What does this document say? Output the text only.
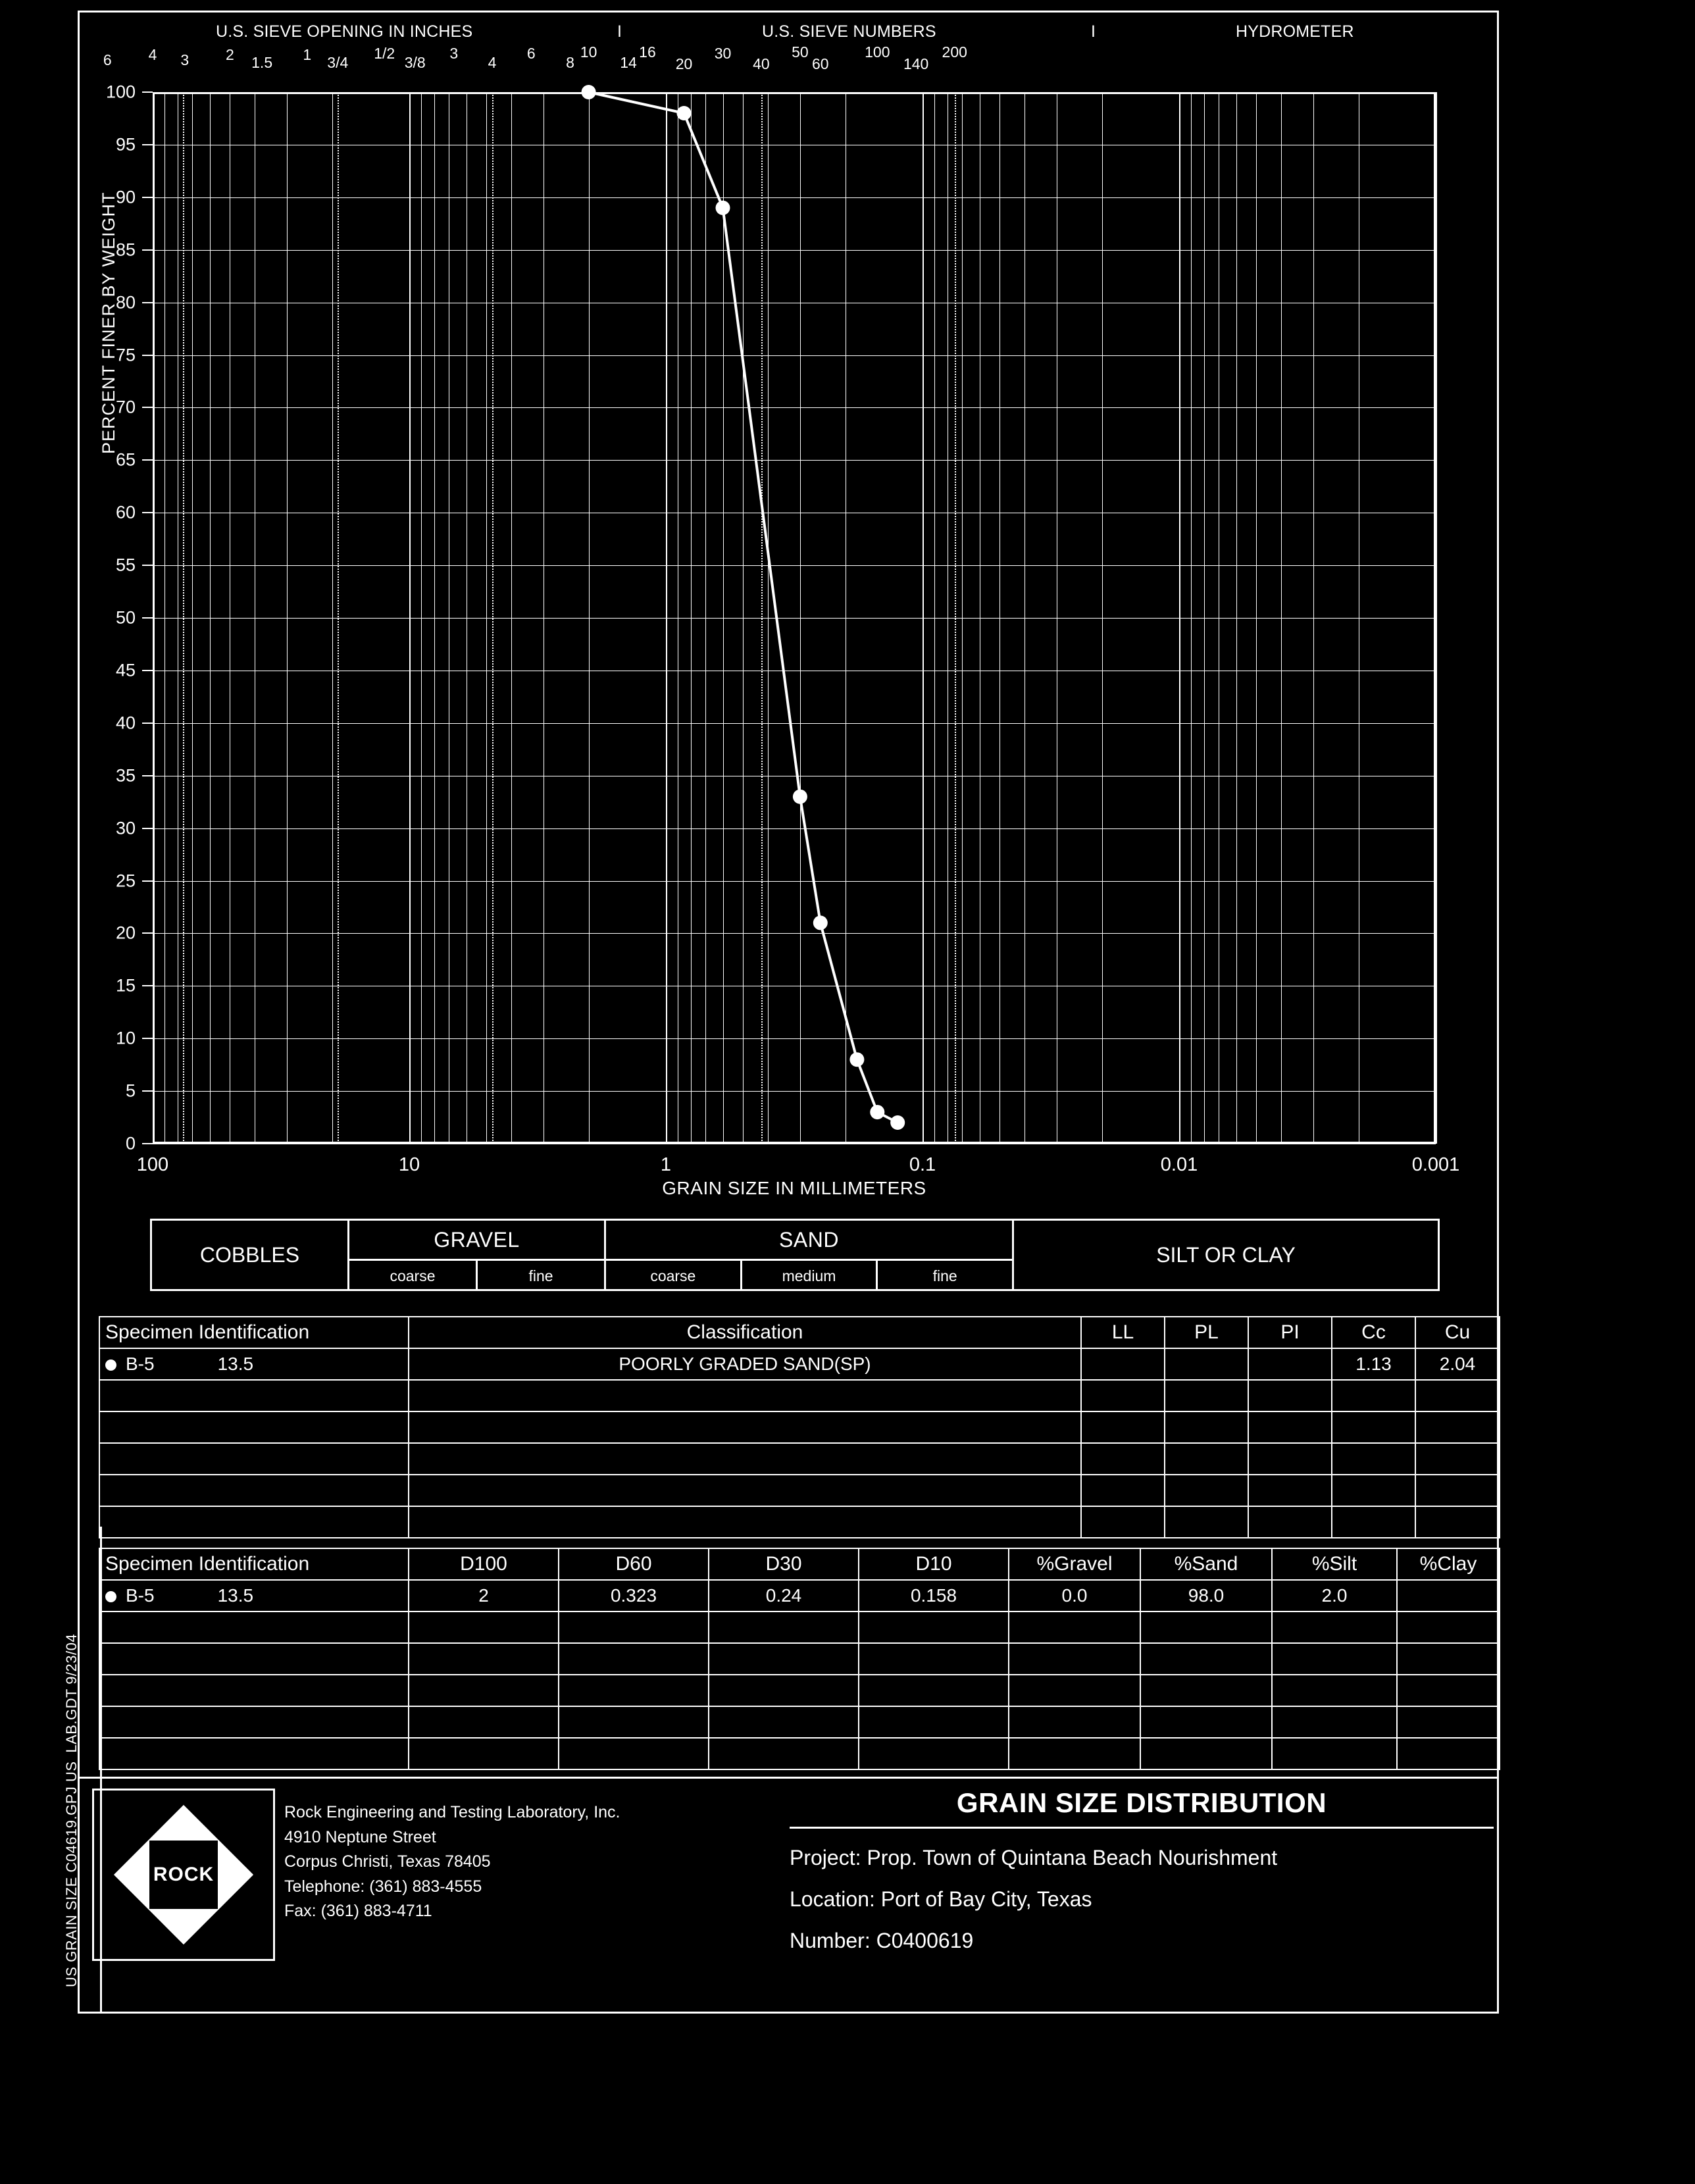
U.S. SIEVE OPENING IN INCHES	I	U.S. SIEVE NUMBERS	I	HYDROMETER
6 4 3 2 1.5 1 3/4
1/2
3/8
3
4
6
8
10
14
16
20
30
40
50
60
100
140
200
0
5
10
15
20
25
30
35
40
45
50
55
60
65
70
75
80
85
90
95
100
100	10	1	0.1	0.01	0.001
PERCENT FINER BY WEIGHT
GRAIN SIZE IN MILLIMETERS
COBBLES
GRAVEL
coarse	fine
SAND
coarse	medium	fine
SILT OR CLAY
Specimen Identification	Classification	LL	PL	PI	Cc	Cu
B-5 13.5	POORLY GRADED SAND(SP)				1.13	2.04

Specimen Identification	D100	D60	D30	D10	%Gravel	%Sand	%Silt	%Clay
B-5 13.5	2	0.323	0.24	0.158	0.0	98.0	2.0	

US GRAIN SIZE C04619.GPJ US_LAB.GDT 9/23/04	ROCK
Rock Engineering and Testing Laboratory, Inc.
4910 Neptune Street
Corpus Christi, Texas 78405
Telephone: (361) 883-4555
Fax: (361) 883-4711
GRAIN SIZE DISTRIBUTION
Project: Prop. Town of Quintana Beach Nourishment
Location: Port of Bay City, Texas
Number: C0400619
